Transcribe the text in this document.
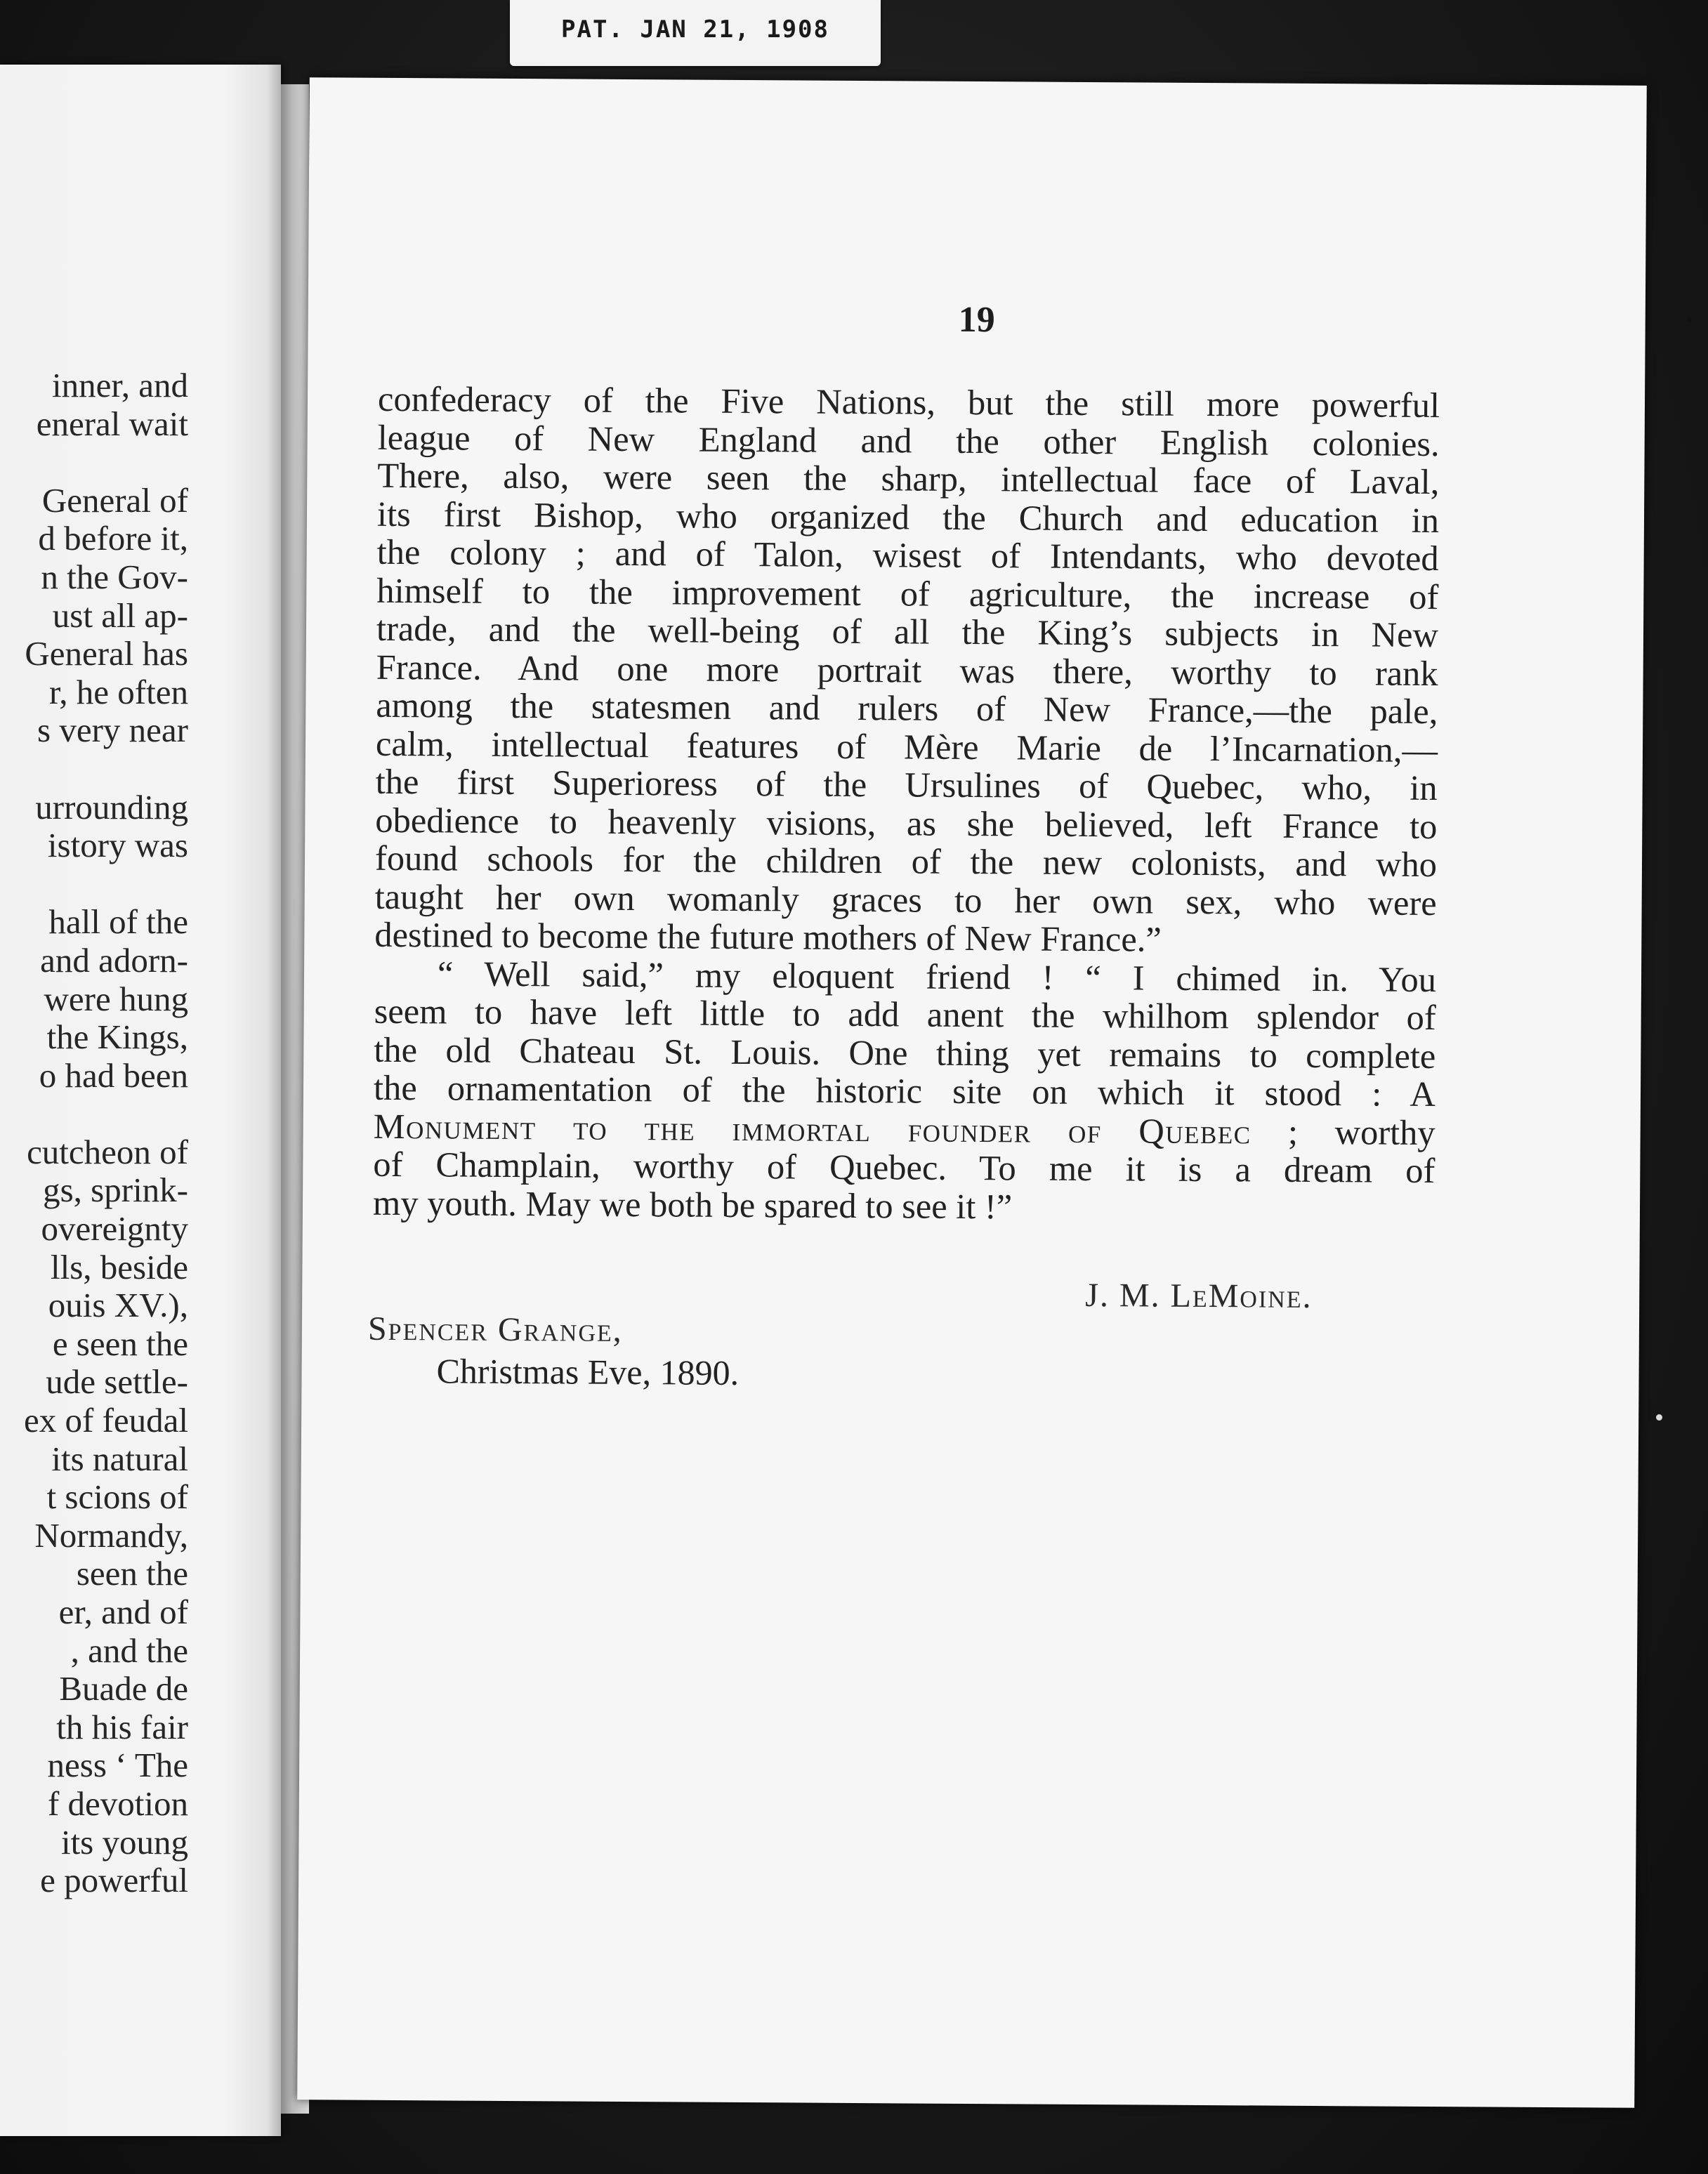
PAT. JAN 21, 1908
inner, and
eneral wait
General of
d before it,
n the Gov-
ust all ap-
General has
r, he often
s very near
urrounding
istory was
hall of the
and adorn-
were hung
the Kings,
o had been
cutcheon of
gs, sprink-
overeignty
lls, beside
ouis XV.),
e seen the
ude settle-
ex of feudal
its natural
t scions of
Normandy,
seen the
er, and of
, and the
Buade de
th his fair
ness ‘ The
f devotion
its young
e powerful
19
confederacy of the Five Nations, but the still more powerful
league of New England and the other English colonies.
There, also, were seen the sharp, intellectual face of Laval,
its first Bishop, who organized the Church and education in
the colony ; and of Talon, wisest of Intendants, who devoted
himself to the improvement of agriculture, the increase of
trade, and the well-being of all the King’s subjects in New
France. And one more portrait was there, worthy to rank
among the statesmen and rulers of New France,—the pale,
calm, intellectual features of Mère Marie de l’Incarnation,—
the first Superioress of the Ursulines of Quebec, who, in
obedience to heavenly visions, as she believed, left France to
found schools for the children of the new colonists, and who
taught her own womanly graces to her own sex, who were
destined to become the future mothers of New France.”
“ Well said,” my eloquent friend ! “ I chimed in. You
seem to have left little to add anent the whilhom splendor of
the old Chateau St. Louis. One thing yet remains to complete
the ornamentation of the historic site on which it stood : A
Monument to the immortal founder of Quebec ; worthy
of Champlain, worthy of Quebec. To me it is a dream of
my youth. May we both be spared to see it !”
J. M. LeMoine.
Spencer Grange,
Christmas Eve, 1890.
